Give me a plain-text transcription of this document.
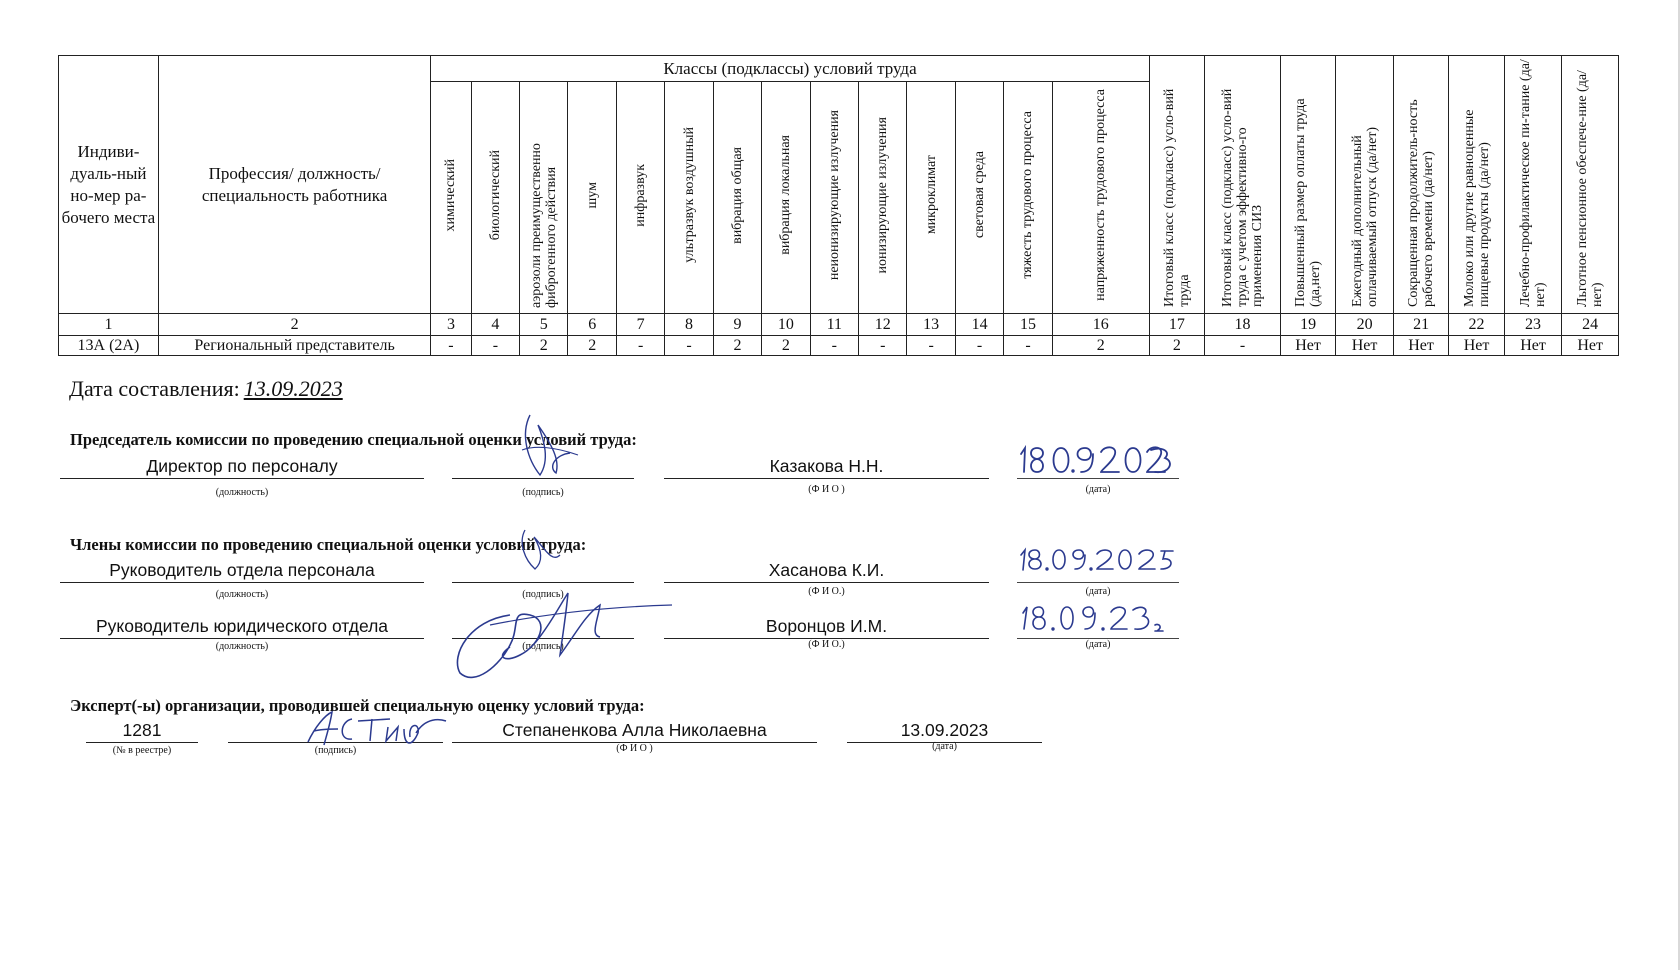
Индиви-дуаль-ный но-мер ра-бочего места	Профессия/ должность/ специальность работника	Классы (подклассы) условий труда														Итоговый класс (подкласс) усло-вий труда	Итоговый класс (подкласс) усло-вий труда с учетом эффективно-го применения СИЗ	Повышенный размер оплаты труда (да,нет)	Ежегодный дополнительный оплачиваемый отпуск (да/нет)	Сокращенная продолжитель-ность рабочего времени (да/нет)	Молоко или другие равноценные пищевые продукты (да/нет)	Лечебно-профилактическое пи-тание (да/нет)	Льготное пенсионное обеспече-ние (да/нет)
		химический	биологический	аэрозоли преимущественно фиброгенного действия	шум	инфразвук	ультразвук воздушный	вибрация общая	вибрация локальная	неионизирующие излучения	ионизирующие излучения	микроклимат	световая среда	тяжесть трудового процесса	напряженность трудового процесса								
1	2	3	4	5	6	7	8	9	10	11	12	13	14	15	16	17	18	19	20	21	22	23	24
13А (2А)	Региональный представитель	-	-	2	2	-	-	2	2	-	-	-	-	-	2	2	-	Нет	Нет	Нет	Нет	Нет	Нет
Дата составления: 13.09.2023
Председатель комиссии по проведению специальной оценки условий труда:
Директор по персоналу	Казакова Н.Н.
(должность)	(подпись)	(Ф И О )	(дата)
Члены комиссии по проведению специальной оценки условий труда:
Руководитель отдела персонала	Хасанова К.И.
(должность)	(подпись)	(Ф И О.)	(дата)
Руководитель юридического отдела	Воронцов И.М.
(должность)	(подпись)	(Ф И О.)	(дата)
Эксперт(-ы) организации, проводившей специальную оценку условий труда:
1281	Степаненкова Алла Николаевна	13.09.2023
(№ в реестре)	(подпись)	(Ф И О )	(дата)
